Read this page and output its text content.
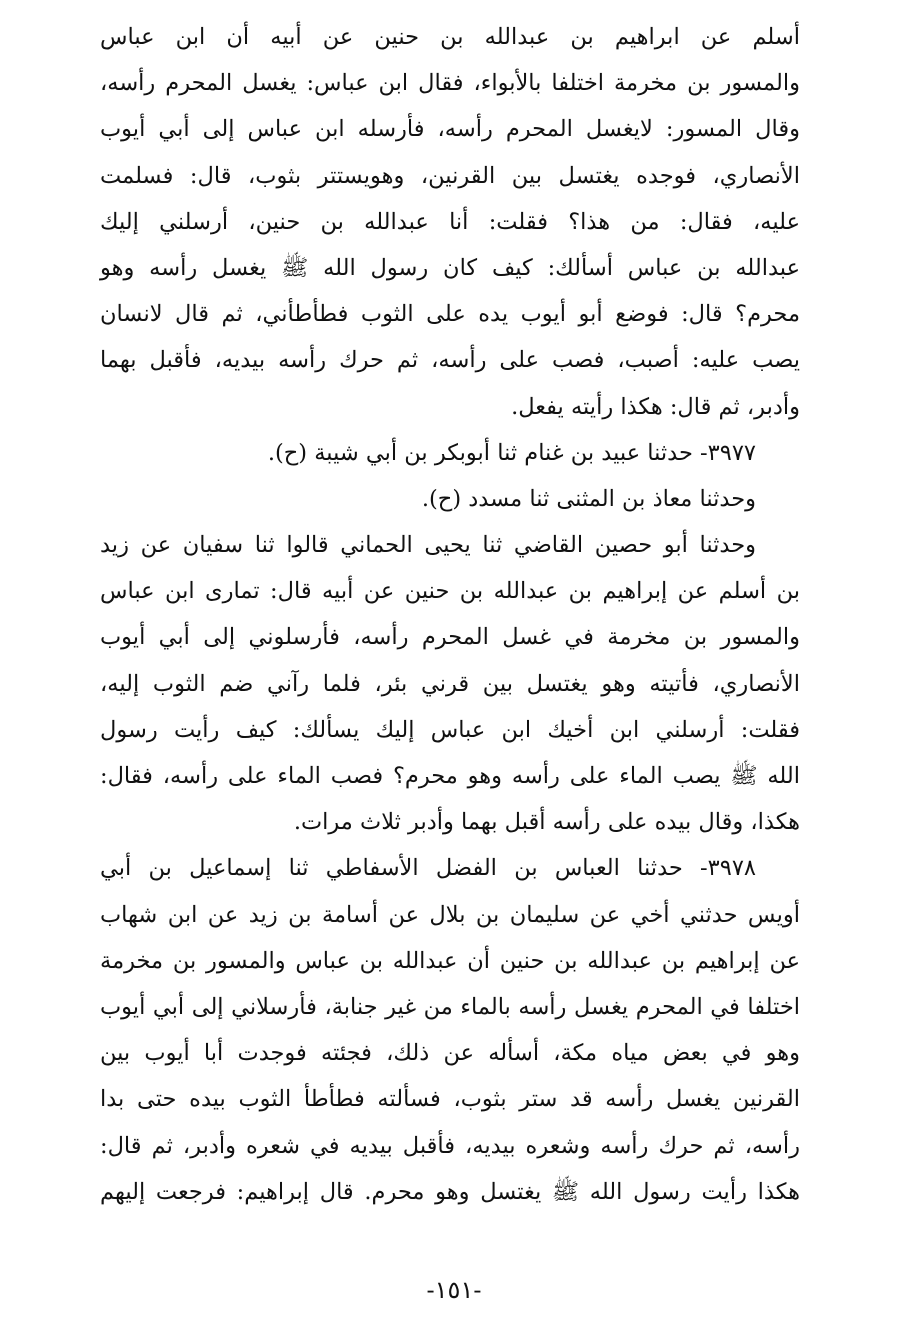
أسلم عن ابراهيم بن عبدالله بن حنين عن أبيه أن ابن عباس
والمسور بن مخرمة اختلفا بالأبواء، فقال ابن عباس: يغسل المحرم رأسه،
وقال المسور: لايغسل المحرم رأسه، فأرسله ابن عباس إلى أبي أيوب
الأنصاري، فوجده يغتسل بين القرنين، وهويستتر بثوب، قال: فسلمت
عليه، فقال: من هذا؟ فقلت: أنا عبدالله بن حنين، أرسلني إليك
عبدالله بن عباس أسألك: كيف كان رسول الله ﷺ يغسل رأسه وهو
محرم؟ قال: فوضع أبو أيوب يده على الثوب فطأطأني، ثم قال لانسان
يصب عليه: أصبب، فصب على رأسه، ثم حرك رأسه بيديه، فأقبل بهما
وأدبر، ثم قال: هكذا رأيته يفعل.
٣٩٧٧- حدثنا عبيد بن غنام ثنا أبوبكر بن أبي شيبة (ح).
وحدثنا معاذ بن المثنى ثنا مسدد (ح).
وحدثنا أبو حصين القاضي ثنا يحيى الحماني قالوا ثنا سفيان عن زيد
بن أسلم عن إبراهيم بن عبدالله بن حنين عن أبيه قال: تمارى ابن عباس
والمسور بن مخرمة في غسل المحرم رأسه، فأرسلوني إلى أبي أيوب
الأنصاري، فأتيته وهو يغتسل بين قرني بئر، فلما رآني ضم الثوب إليه،
فقلت: أرسلني ابن أخيك ابن عباس إليك يسألك: كيف رأيت رسول
الله ﷺ يصب الماء على رأسه وهو محرم؟ فصب الماء على رأسه، فقال:
هكذا، وقال بيده على رأسه أقبل بهما وأدبر ثلاث مرات.
٣٩٧٨- حدثنا العباس بن الفضل الأسفاطي ثنا إسماعيل بن أبي
أويس حدثني أخي عن سليمان بن بلال عن أسامة بن زيد عن ابن شهاب
عن إبراهيم بن عبدالله بن حنين أن عبدالله بن عباس والمسور بن مخرمة
اختلفا في المحرم يغسل رأسه بالماء من غير جنابة، فأرسلاني إلى أبي أيوب
وهو في بعض مياه مكة، أسأله عن ذلك، فجئته فوجدت أبا أيوب بين
القرنين يغسل رأسه قد ستر بثوب، فسألته فطأطأ الثوب بيده حتى بدا
رأسه، ثم حرك رأسه وشعره بيديه، فأقبل بيديه في شعره وأدبر، ثم قال:
هكذا رأيت رسول الله ﷺ يغتسل وهو محرم. قال إبراهيم: فرجعت إليهم
-١٥١-
